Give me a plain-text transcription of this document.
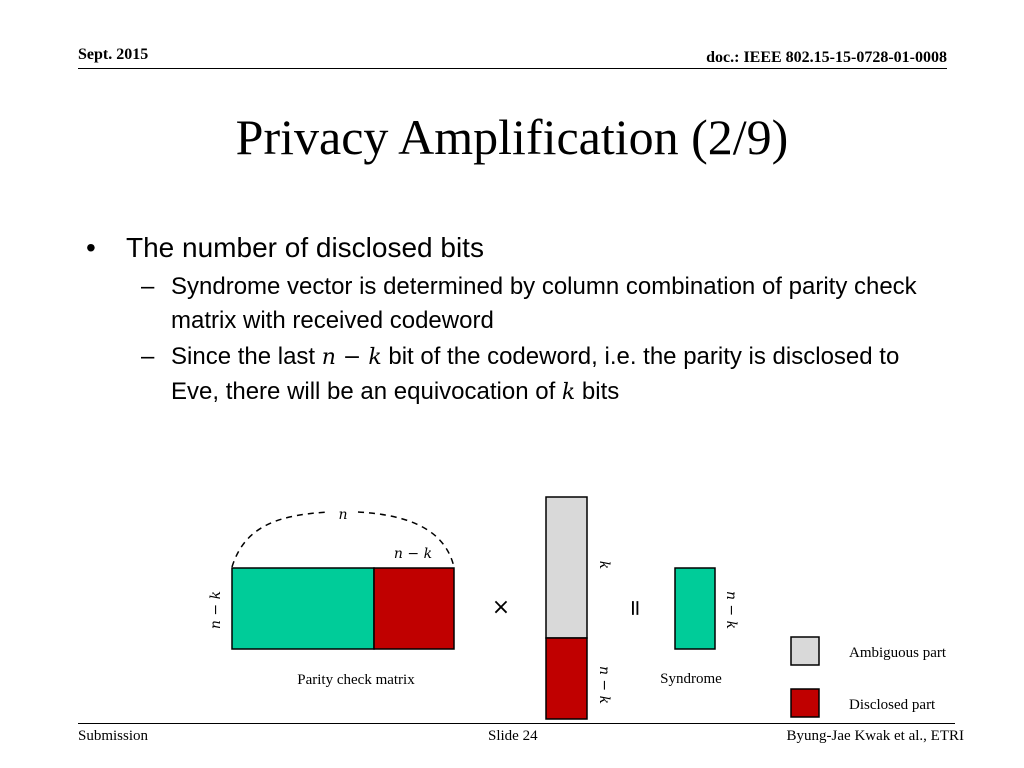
Sept. 2015	doc.: IEEE 802.15-15-0728-01-0008
Privacy Amplification (2/9)
• The number of disclosed bits
– Syndrome vector is determined by column combination of parity check matrix with received codeword
– Since the last n − k bit of the codeword, i.e. the parity is disclosed to Eve, there will be an equivocation of k bits
n
n − k
n − k
Parity check matrix
×
k
n − k
=	n − k
Syndrome
Ambiguous part
Disclosed part
Submission	Slide 24	Byung-Jae Kwak et al., ETRI
